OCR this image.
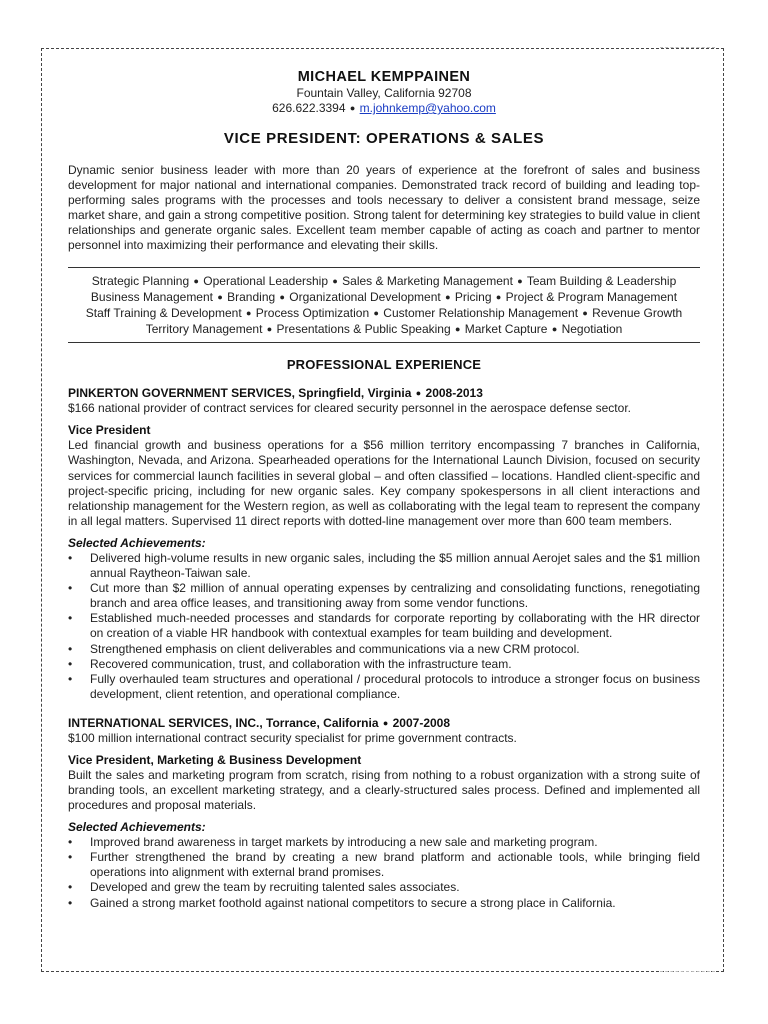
MICHAEL KEMPPAINEN
Fountain Valley, California 92708
626.622.3394 ● m.johnkemp@yahoo.com
VICE PRESIDENT: OPERATIONS & SALES
Dynamic senior business leader with more than 20 years of experience at the forefront of sales and business development for major national and international companies. Demonstrated track record of building and leading top-performing sales programs with the processes and tools necessary to deliver a consistent brand message, seize market share, and gain a strong competitive position. Strong talent for determining key strategies to build value in client relationships and generate organic sales. Excellent team member capable of acting as coach and partner to mentor personnel into maximizing their performance and elevating their skills.
Strategic Planning ● Operational Leadership ● Sales & Marketing Management ● Team Building & Leadership
Business Management ● Branding ● Organizational Development ● Pricing ● Project & Program Management
Staff Training & Development ● Process Optimization ● Customer Relationship Management ● Revenue Growth
Territory Management ● Presentations & Public Speaking ● Market Capture ● Negotiation
PROFESSIONAL EXPERIENCE
PINKERTON GOVERNMENT SERVICES, Springfield, Virginia ● 2008-2013
$166 national provider of contract services for cleared security personnel in the aerospace defense sector.
Vice President
Led financial growth and business operations for a $56 million territory encompassing 7 branches in California, Washington, Nevada, and Arizona. Spearheaded operations for the International Launch Division, focused on security services for commercial launch facilities in several global – and often classified – locations. Handled client-specific and project-specific pricing, including for new organic sales. Key company spokespersons in all client interactions and relationship management for the Western region, as well as collaborating with the legal team to represent the company in all legal matters. Supervised 11 direct reports with dotted-line management over more than 600 team members.
Selected Achievements:
• Delivered high-volume results in new organic sales, including the $5 million annual Aerojet sales and the $1 million annual Raytheon-Taiwan sale.
• Cut more than $2 million of annual operating expenses by centralizing and consolidating functions, renegotiating branch and area office leases, and transitioning away from some vendor functions.
• Established much-needed processes and standards for corporate reporting by collaborating with the HR director on creation of a viable HR handbook with contextual examples for team building and development.
• Strengthened emphasis on client deliverables and communications via a new CRM protocol.
• Recovered communication, trust, and collaboration with the infrastructure team.
• Fully overhauled team structures and operational / procedural protocols to introduce a stronger focus on business development, client retention, and operational compliance.
INTERNATIONAL SERVICES, INC., Torrance, California ● 2007-2008
$100 million international contract security specialist for prime government contracts.
Vice President, Marketing & Business Development
Built the sales and marketing program from scratch, rising from nothing to a robust organization with a strong suite of branding tools, an excellent marketing strategy, and a clearly-structured sales process. Defined and implemented all procedures and proposal materials.
Selected Achievements:
• Improved brand awareness in target markets by introducing a new sale and marketing program.
• Further strengthened the brand by creating a new brand platform and actionable tools, while bringing field operations into alignment with external brand promises.
• Developed and grew the team by recruiting talented sales associates.
• Gained a strong market foothold against national competitors to secure a strong place in California.
